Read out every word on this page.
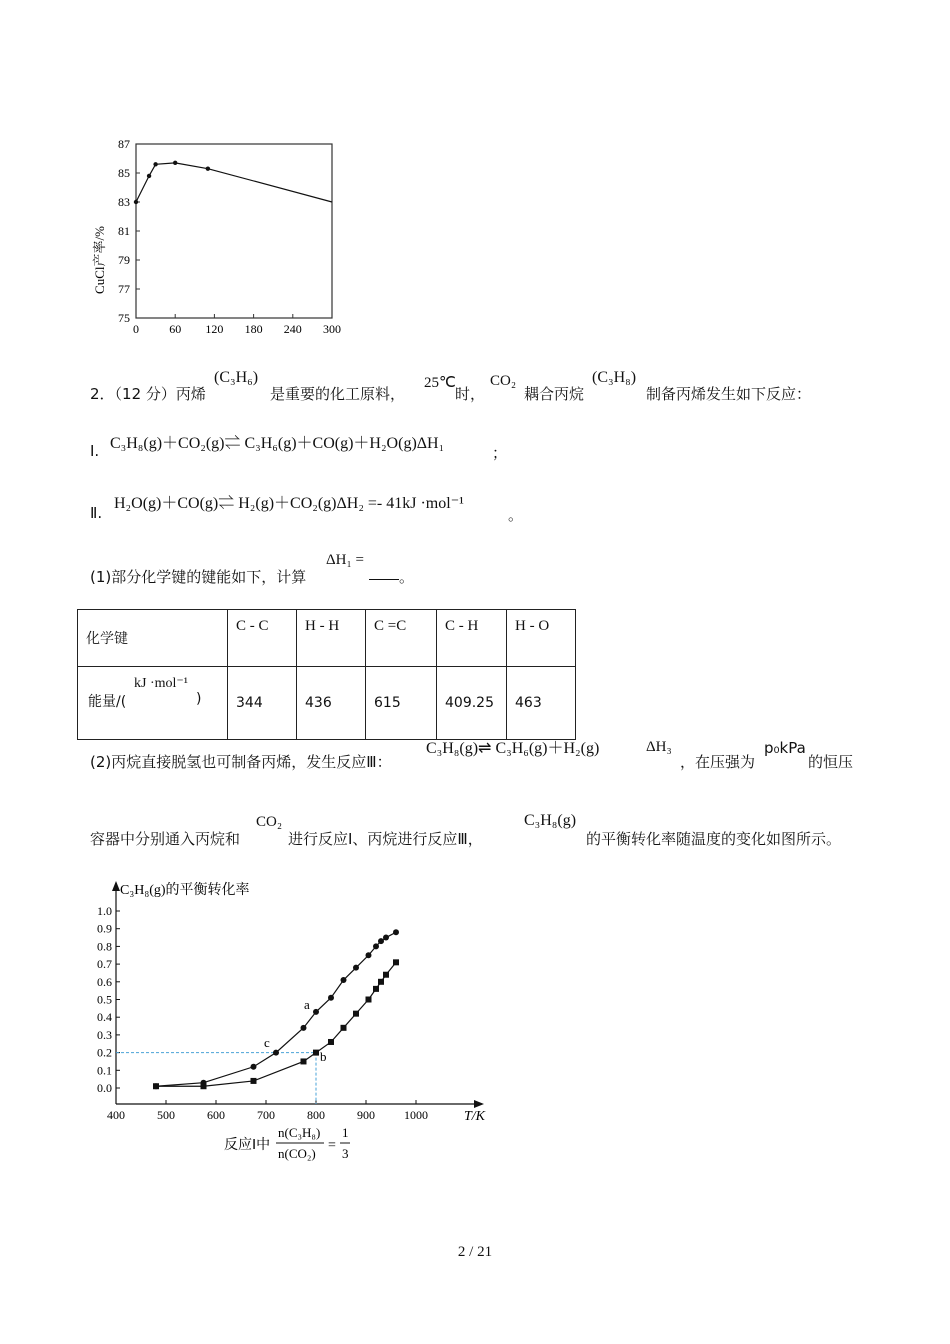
75
77
79
81
83
85
87
0	60 120 180 240 300
CuCl产率/%
2．（12 分）丙烯
(C₃H₆)
是重要的化工原料，
25℃
时，
CO₂
耦合丙烷
(C₃H₈)
制备丙烯发生如下反应：
Ⅰ. C₃H₈(g)＋CO₂(g)⇌ C₃H₆(g)＋CO(g)＋H₂O(g)ΔH₁
；
Ⅱ.
H₂O(g)＋CO(g)⇌ H₂(g)＋CO₂(g)ΔH₂ =- 41kJ ·mol⁻¹
。
(1)部分化学键的键能如下，计算
ΔH₁ =
。
化学键	C - C	H - H	C =C	C - H	H - O

能量/(
kJ ·mol⁻¹
)	344	436	615	409.25	463
(2)丙烷直接脱氢也可制备丙烯，发生反应Ⅲ：
C₃H₈(g)⇌ C₃H₆(g)＋H₂(g)	ΔH₃
，在压强为
p₀kPa
的恒压
容器中分别通入丙烷和
CO₂
进行反应Ⅰ、丙烷进行反应Ⅲ，
C₃H₈(g)
的平衡转化率随温度的变化如图所示。
C₃H₈(g)的平衡转化率
0.0
0.1
0.2
0.3
0.4
0.5
0.6
0.7
0.8
0.9
1.0
400	500	600	700	800	900 1000
a
b
c
T/K
反应Ⅰ中
n(C₃H₈)
n(CO₂)
=
1
3
2 / 21
